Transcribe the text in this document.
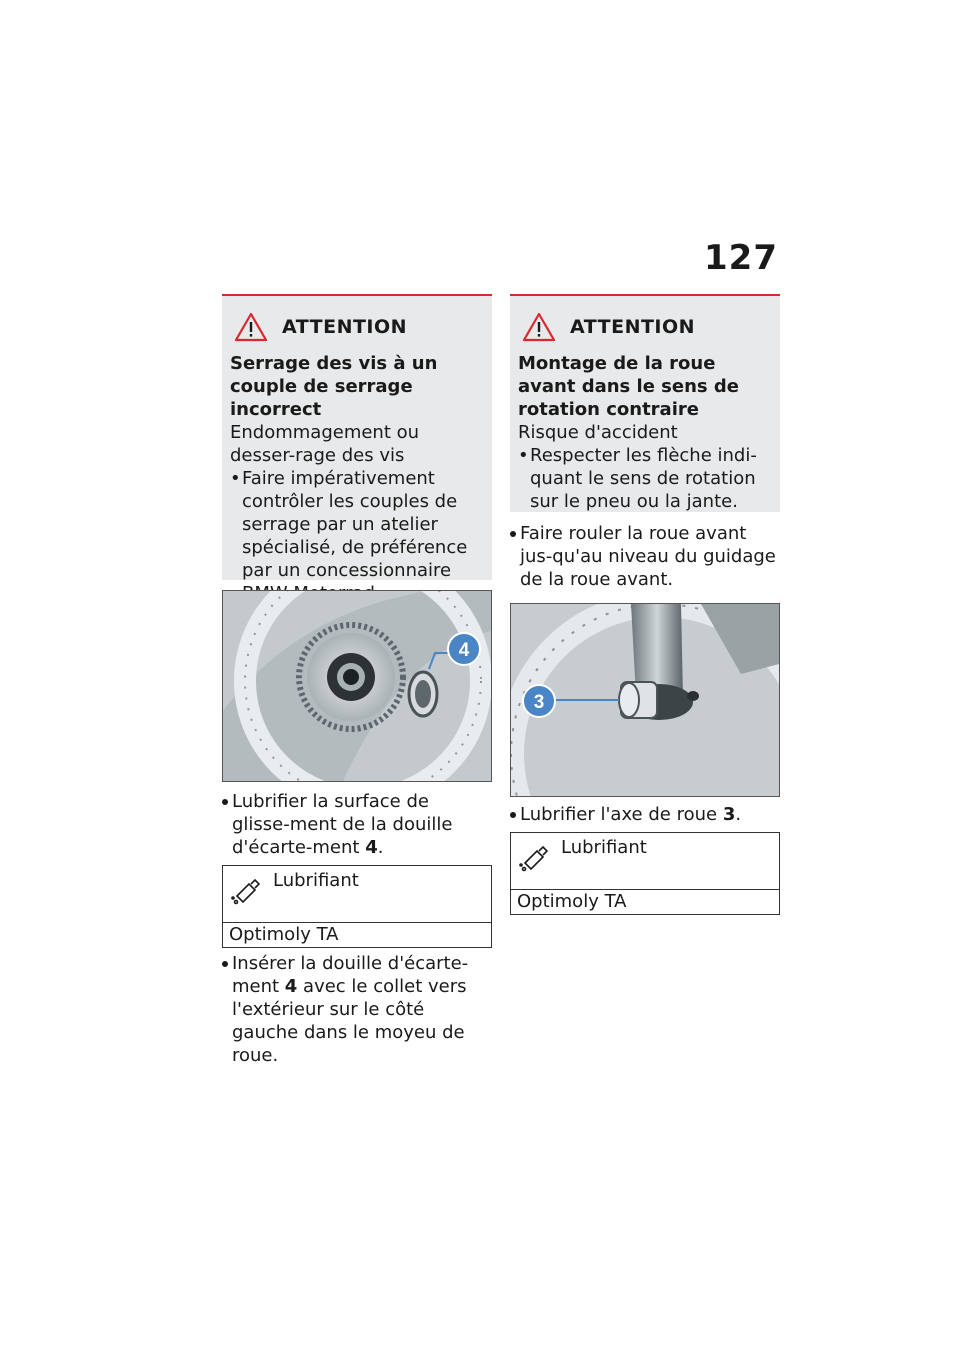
127
ATTENTION
Serrage des vis à un couple de serrage incorrect
Endommagement ou desser-rage des vis
• Faire impérativement contrôler les couples de serrage par un atelier spécialisé, de préférence par un concessionnaire
4
Lubrifier la surface de glisse-ment de la douille d'écarte-ment 4.
Lubrifiant
Optimoly TA
Insérer la douille d'écarte-ment 4 avec le collet vers l'extérieur sur le côté gauche dans le moyeu de roue.
ATTENTION
Montage de la roue avant dans le sens de rotation contraire
Risque d'accident
• Respecter les flèche indi-quant le sens de rotation sur le pneu ou la jante.
Faire rouler la roue avant jus-qu'au niveau du guidage de la roue avant.
3
Lubrifier l'axe de roue 3.
Lubrifiant
Optimoly TA
